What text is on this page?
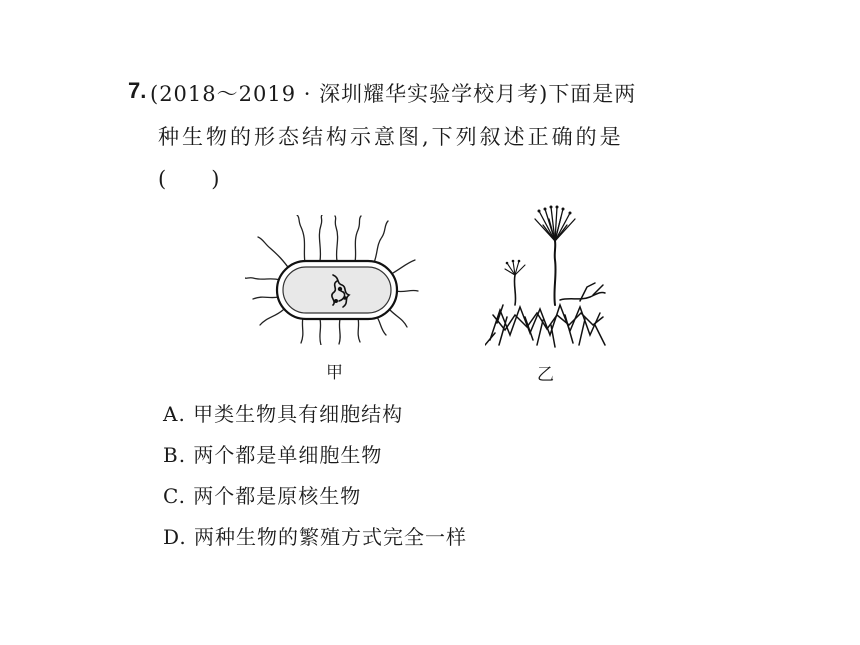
7. (2018～2019 · 深圳耀华实验学校月考)下面是两
种生物的形态结构示意图,下列叙述正确的是
(　　)
甲	乙
A. 甲类生物具有细胞结构
B. 两个都是单细胞生物
C. 两个都是原核生物
D. 两种生物的繁殖方式完全一样
